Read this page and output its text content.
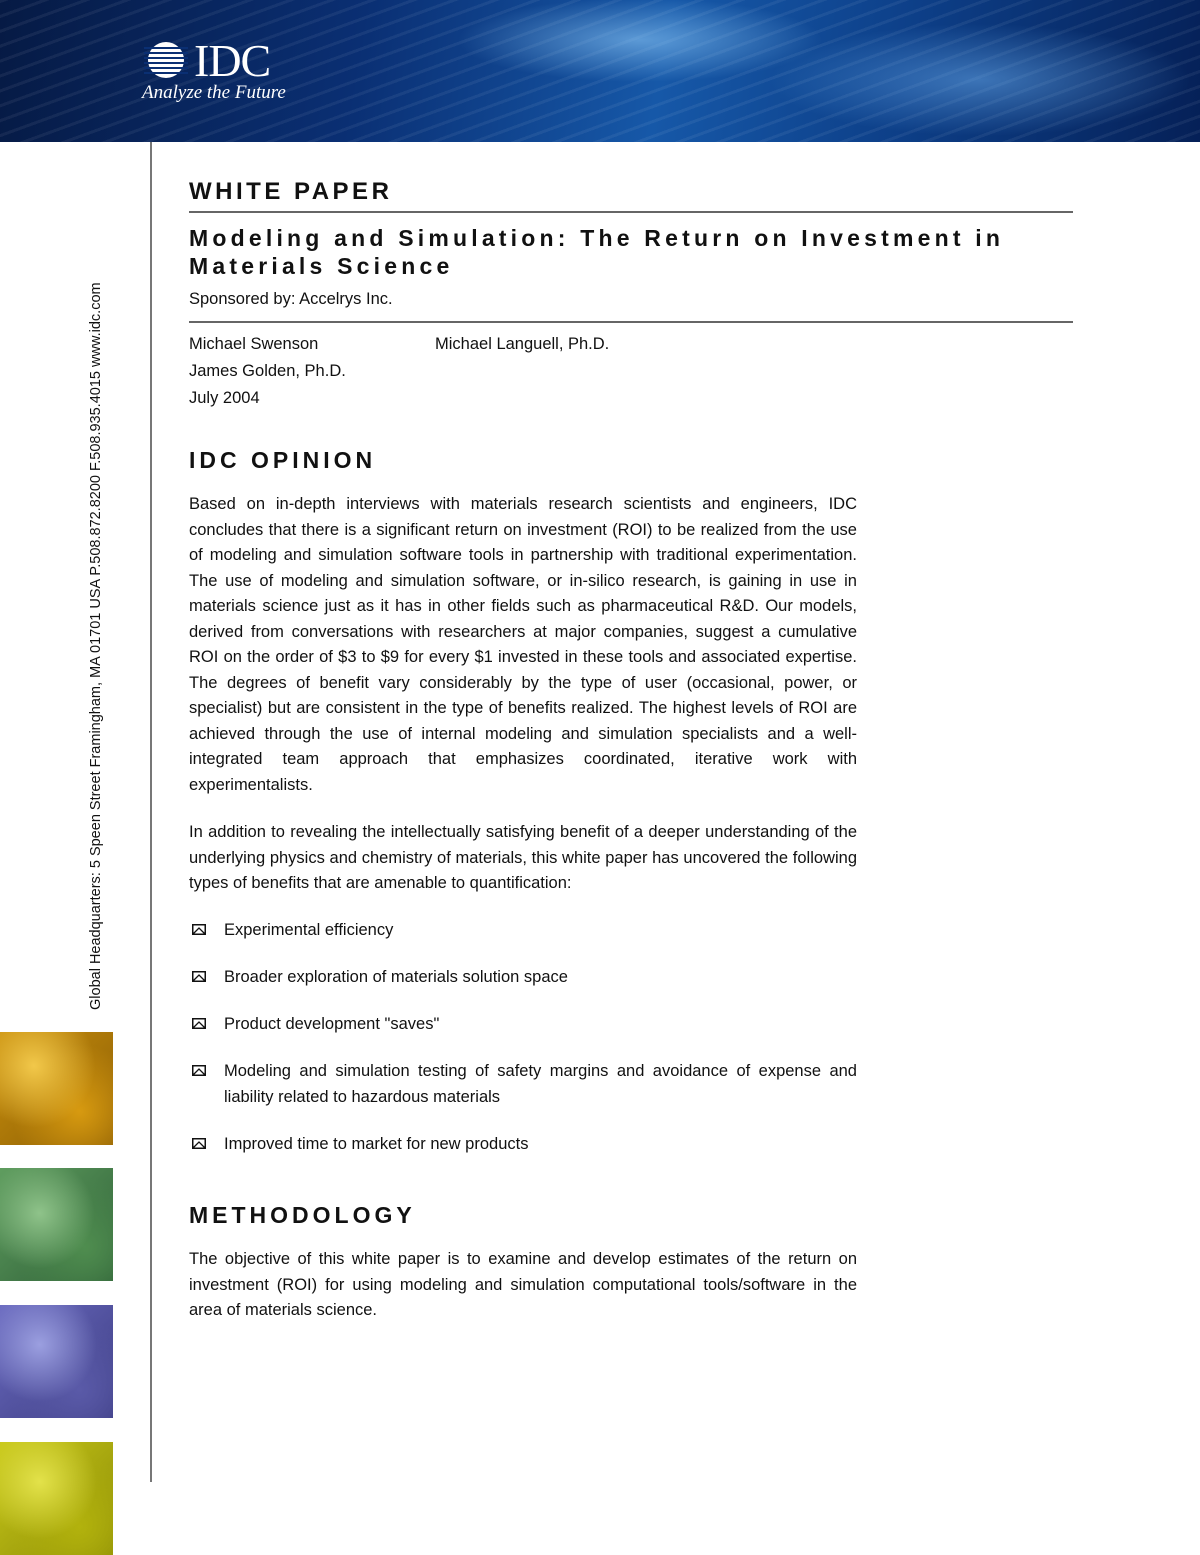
IDC
Analyze the Future
Global Headquarters: 5 Speen Street Framingham, MA 01701 USA P.508.872.8200 F.508.935.4015 www.idc.com
WHITE PAPER
Modeling and Simulation: The Return on Investment in Materials Science
Sponsored by: Accelrys Inc.
Michael Swenson
James Golden, Ph.D.
July 2004
Michael Languell, Ph.D.
IDC OPINION

Based on in-depth interviews with materials research scientists and engineers, IDC concludes that there is a significant return on investment (ROI) to be realized from the use of modeling and simulation software tools in partnership with traditional experimentation. The use of modeling and simulation software, or in-silico research, is gaining in use in materials science just as it has in other fields such as pharmaceutical R&D. Our models, derived from conversations with researchers at major companies, suggest a cumulative ROI on the order of $3 to $9 for every $1 invested in these tools and associated expertise. The degrees of benefit vary considerably by the type of user (occasional, power, or specialist) but are consistent in the type of benefits realized. The highest levels of ROI are achieved through the use of internal modeling and simulation specialists and a well-integrated team approach that emphasizes coordinated, iterative work with experimentalists.

In addition to revealing the intellectually satisfying benefit of a deeper understanding of the underlying physics and chemistry of materials, this white paper has uncovered the following types of benefits that are amenable to quantification:

Experimental efficiency
Broader exploration of materials solution space
Product development "saves"
Modeling and simulation testing of safety margins and avoidance of expense and liability related to hazardous materials
Improved time to market for new products
METHODOLOGY

The objective of this white paper is to examine and develop estimates of the return on investment (ROI) for using modeling and simulation computational tools/software in the area of materials science.
